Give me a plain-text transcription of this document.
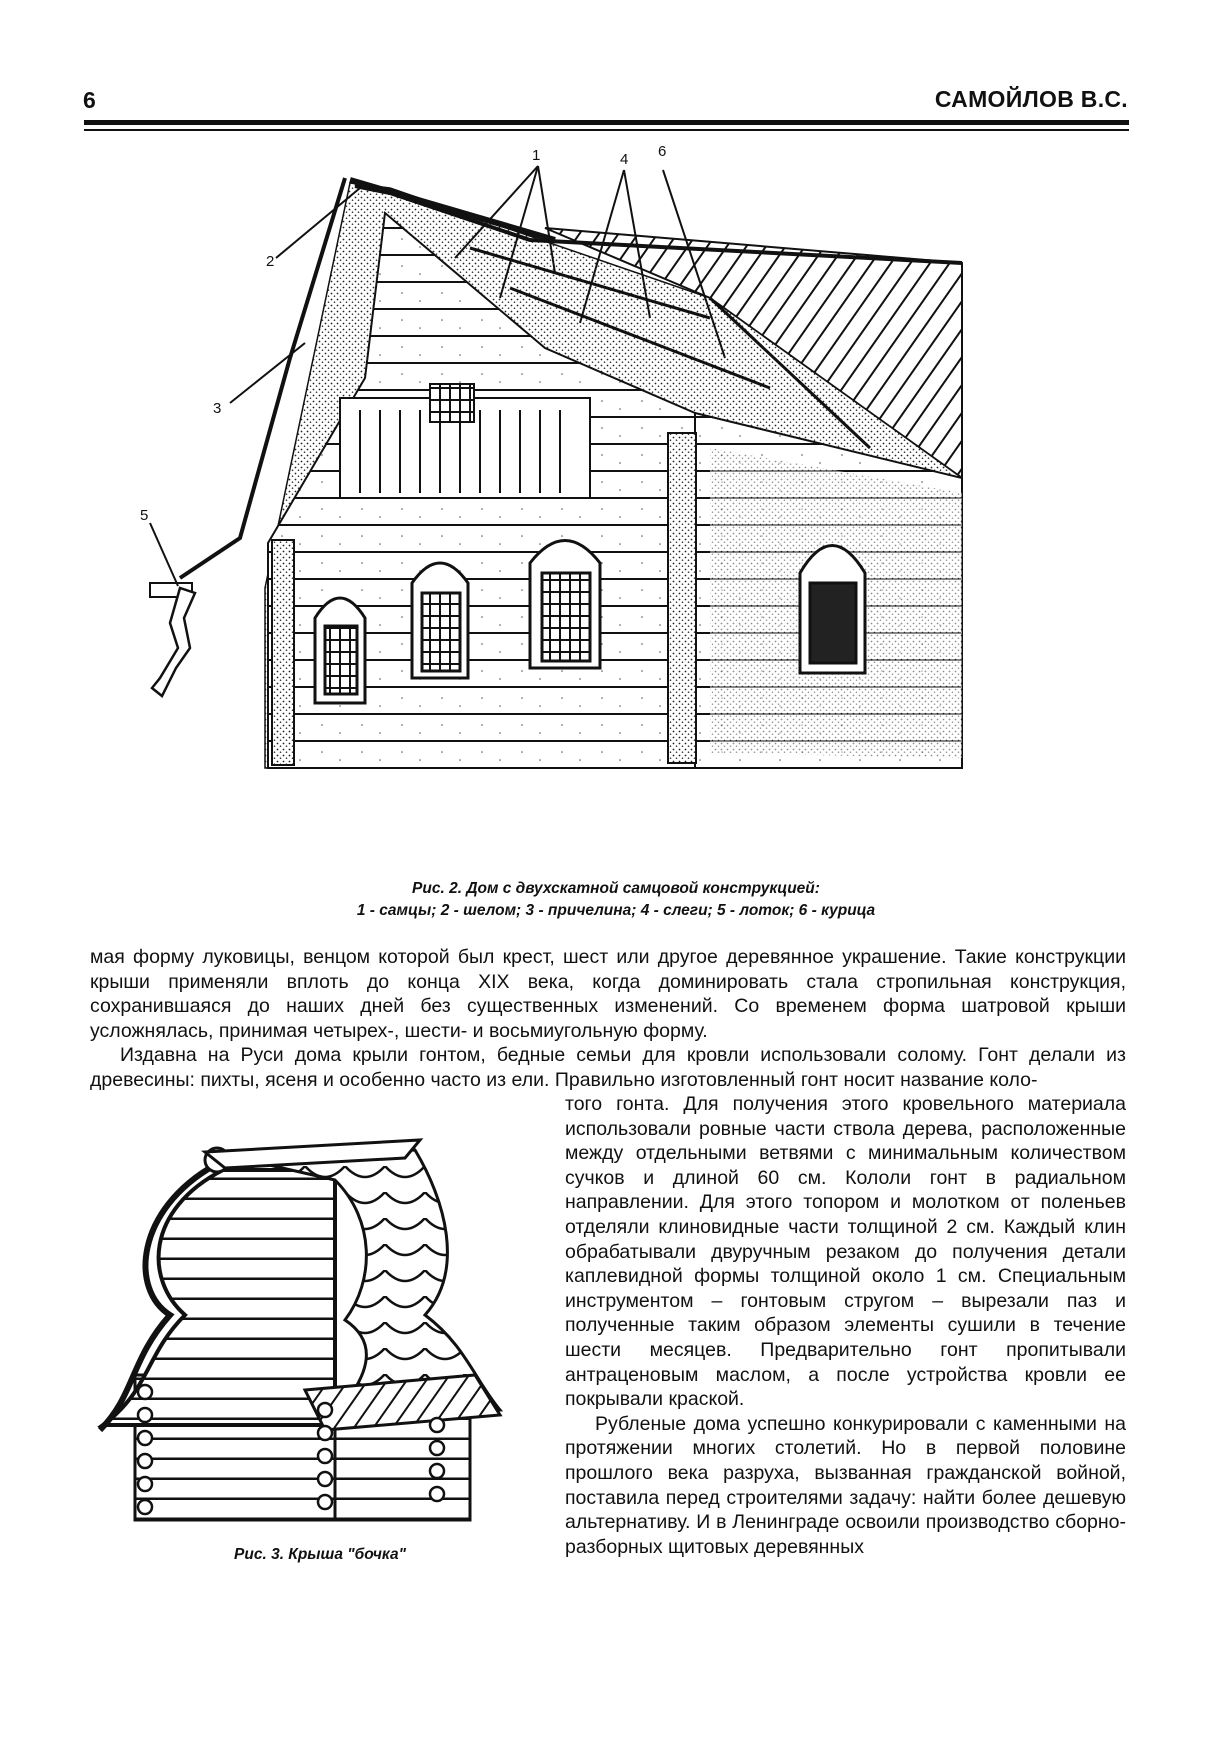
6	САМОЙЛОВ В.С.
1	4 6
2
3
5
Рис. 2. Дом с двухскатной самцовой конструкцией:
1 - самцы; 2 - шелом; 3 - причелина; 4 - слеги; 5 - лоток; 6 - курица

мая форму луковицы, венцом которой был крест, шест или другое деревянное украшение. Такие конструкции крыши применяли вплоть до конца XIX века, когда доминировать стала стропильная конструкция, сохранившаяся до наших дней без существенных изменений. Со временем форма шатровой крыши усложнялась, принимая четырех-, шести- и восьмиугольную форму.

Издавна на Руси дома крыли гонтом, бедные семьи для кровли использовали солому. Гонт делали из древесины: пихты, ясеня и особенно часто из ели. Правильно изготовленный гонт носит название коло-

Рис. 3. Крыша "бочка"

того гонта. Для получения этого кровельного материала использовали ровные части ствола дерева, расположенные между отдельными ветвями с минимальным количеством сучков и длиной 60 см. Кололи гонт в радиальном направлении. Для этого топором и молотком от поленьев отделяли клиновидные части толщиной 2 см. Каждый клин обрабатывали двуручным резаком до получения детали каплевидной формы толщиной около 1 см. Специальным инструментом – гонтовым стругом – вырезали паз и полученные таким образом элементы сушили в течение шести месяцев. Предварительно гонт пропитывали антраценовым маслом, а после устройства кровли ее покрывали краской.

Рубленые дома успешно конкурировали с каменными на протяжении многих столетий. Но в первой половине прошлого века разруха, вызванная гражданской войной, поставила перед строителями задачу: найти более дешевую альтернативу. И в Ленинграде освоили производство сборно-разборных щитовых деревянных
